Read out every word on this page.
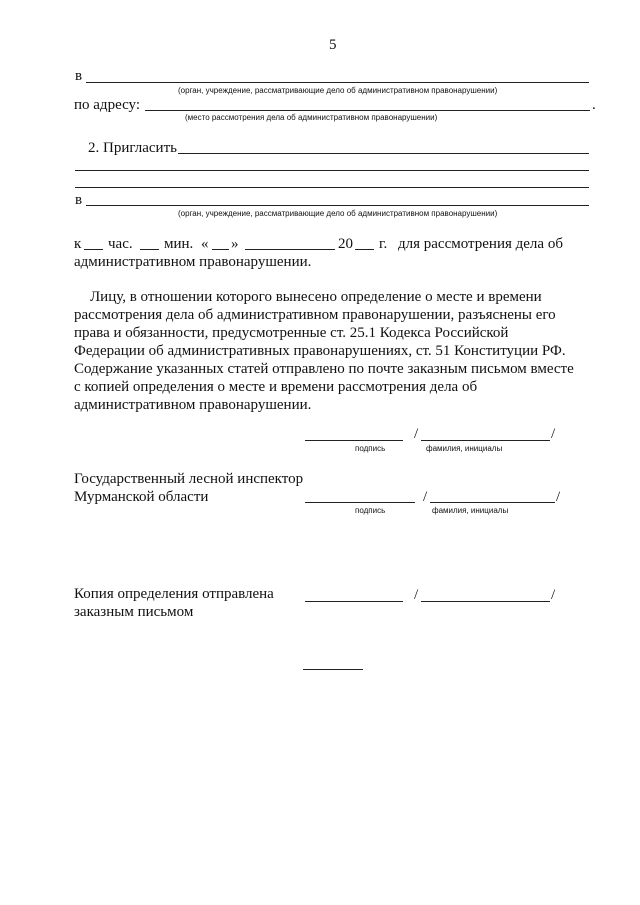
5
в
(орган, учреждение, рассматривающие дело об административном правонарушении)
по адресу:	.
(место рассмотрения дела об административном правонарушении)
2. Пригласить
в
(орган, учреждение, рассматривающие дело об административном правонарушении)
к час. мин. « »	20 г. для рассмотрения дела об
административном правонарушении.
Лицу, в отношении которого вынесено определение о месте и времени
рассмотрения дела об административном правонарушении, разъяснены его
права и обязанности, предусмотренные ст. 25.1 Кодекса Российской
Федерации об административных правонарушениях, ст. 51 Конституции РФ.
Содержание указанных статей отправлено по почте заказным письмом вместе
с копией определения о месте и времени рассмотрения дела об
административном правонарушении.
/	/
подпись	фамилия, инициалы
Государственный лесной инспектор
Мурманской области	/	/
подпись	фамилия, инициалы
Копия определения отправлена
заказным письмом
/	/
